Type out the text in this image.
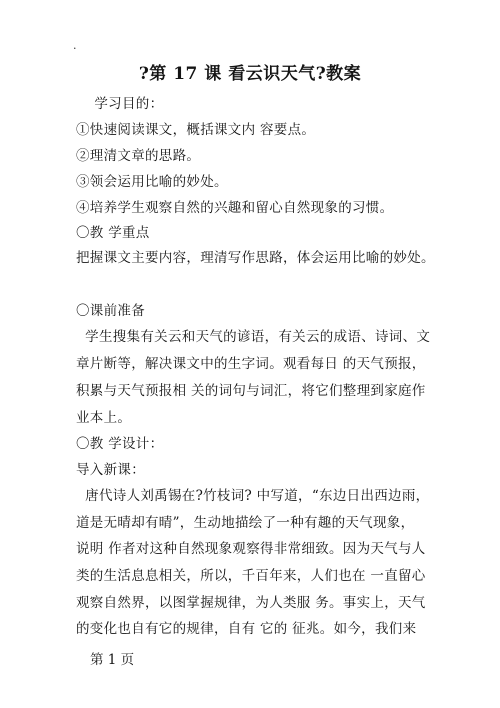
.
?第 17 课 看云识天气?教案
学习目的：
①快速阅读课文，概括课文内 容要点。
②理清文章的思路。
③领会运用比喻的妙处。
④培养学生观察自然的兴趣和留心自然现象的习惯。
〇教 学重点
把握课文主要内容，理清写作思路，体会运用比喻的妙处。
〇课前准备
学生搜集有关云和天气的谚语，有关云的成语、诗词、文
章片断等，解决课文中的生字词。观看每日 的天气预报，
积累与天气预报相 关的词句与词汇，将它们整理到家庭作
业本上。
〇教 学设计：
导入新课：
唐代诗人刘禹锡在?竹枝词? 中写道，“东边日出西边雨，
道是无晴却有晴”，生动地描绘了一种有趣的天气现象，
说明 作者对这种自然现象观察得非常细致。因为天气与人
类的生活息息相关，所以，千百年来，人们也在 一直留心
观察自然界，以图掌握规律，为人类服 务。事实上，天气
的变化也自有它的规律，自有 它的 征兆。如今，我们来
第 1 页
